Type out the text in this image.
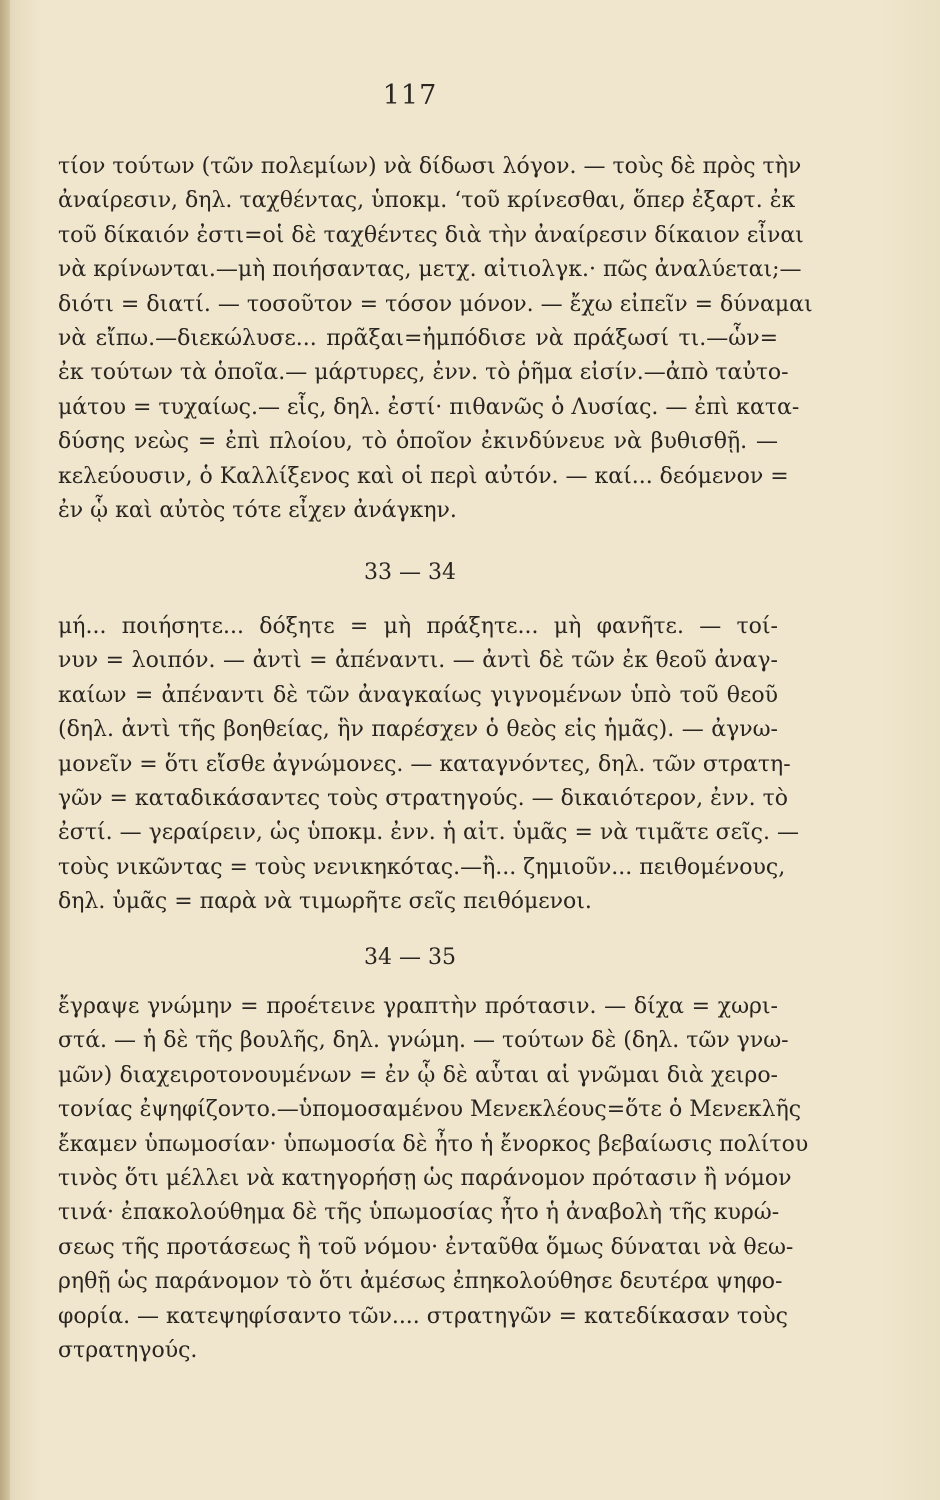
117
τίον τούτων (τῶν πολεμίων) νὰ δίδωσι λόγον. — τοὺς δὲ πρὸς τὴν
ἀναίρεσιν, δηλ. ταχθέντας, ὑποκμ. ‘τοῦ κρίνεσθαι, ὅπερ ἐξαρτ. ἐκ
τοῦ δίκαιόν ἐστι=οἱ δὲ ταχθέντες διὰ τὴν ἀναίρεσιν δίκαιον εἶναι
νὰ κρίνωνται.—μὴ ποιήσαντας, μετχ. αἰτιολγκ.· πῶς ἀναλύεται;—
διότι = διατί. — τοσοῦτον = τόσον μόνον. — ἔχω εἰπεῖν = δύναμαι
νὰ εἴπω.—διεκώλυσε... πρᾶξαι=ἠμπόδισε νὰ πράξωσί τι.—ὧν=
ἐκ τούτων τὰ ὁποῖα.— μάρτυρες, ἐνν. τὸ ῥῆμα εἰσίν.—ἀπὸ ταὐτο-
μάτου = τυχαίως.— εἷς, δηλ. ἐστί· πιθανῶς ὁ Λυσίας. — ἐπὶ κατα-
δύσης νεὼς = ἐπὶ πλοίου, τὸ ὁποῖον ἐκινδύνευε νὰ βυθισθῇ. —
κελεύουσιν, ὁ Καλλίξενος καὶ οἱ περὶ αὐτόν. — καί... δεόμενον =
ἐν ᾧ καὶ αὐτὸς τότε εἶχεν ἀνάγκην.
33 — 34
μή... ποιήσητε... δόξητε = μὴ πράξητε... μὴ φανῆτε. — τοί-
νυν = λοιπόν. — ἀντὶ = ἀπέναντι. — ἀντὶ δὲ τῶν ἐκ θεοῦ ἀναγ-
καίων = ἀπέναντι δὲ τῶν ἀναγκαίως γιγνομένων ὑπὸ τοῦ θεοῦ
(δηλ. ἀντὶ τῆς βοηθείας, ἣν παρέσχεν ὁ θεὸς εἰς ἡμᾶς). — ἀγνω-
μονεῖν = ὅτι εἴσθε ἀγνώμονες. — καταγνόντες, δηλ. τῶν στρατη-
γῶν = καταδικάσαντες τοὺς στρατηγούς. — δικαιότερον, ἐνν. τὸ
ἐστί. — γεραίρειν, ὡς ὑποκμ. ἐνν. ἡ αἰτ. ὑμᾶς = νὰ τιμᾶτε σεῖς. —
τοὺς νικῶντας = τοὺς νενικηκότας.—ἢ... ζημιοῦν... πειθομένους,
δηλ. ὑμᾶς = παρὰ νὰ τιμωρῆτε σεῖς πειθόμενοι.
34 — 35
ἔγραψε γνώμην = προέτεινε γραπτὴν πρότασιν. — δίχα = χωρι-
στά. — ἡ δὲ τῆς βουλῆς, δηλ. γνώμη. — τούτων δὲ (δηλ. τῶν γνω-
μῶν) διαχειροτονουμένων = ἐν ᾧ δὲ αὗται αἱ γνῶμαι διὰ χειρο-
τονίας ἐψηφίζοντο.—ὑπομοσαμένου Μενεκλέους=ὅτε ὁ Μενεκλῆς
ἔκαμεν ὑπωμοσίαν· ὑπωμοσία δὲ ἦτο ἡ ἔνορκος βεβαίωσις πολίτου
τινὸς ὅτι μέλλει νὰ κατηγορήσῃ ὡς παράνομον πρότασιν ἢ νόμον
τινά· ἐπακολούθημα δὲ τῆς ὑπωμοσίας ἦτο ἡ ἀναβολὴ τῆς κυρώ-
σεως τῆς προτάσεως ἢ τοῦ νόμου· ἐνταῦθα ὅμως δύναται νὰ θεω-
ρηθῇ ὡς παράνομον τὸ ὅτι ἀμέσως ἐπηκολούθησε δευτέρα ψηφο-
φορία. — κατεψηφίσαντο τῶν.... στρατηγῶν = κατεδίκασαν τοὺς
στρατηγούς.
